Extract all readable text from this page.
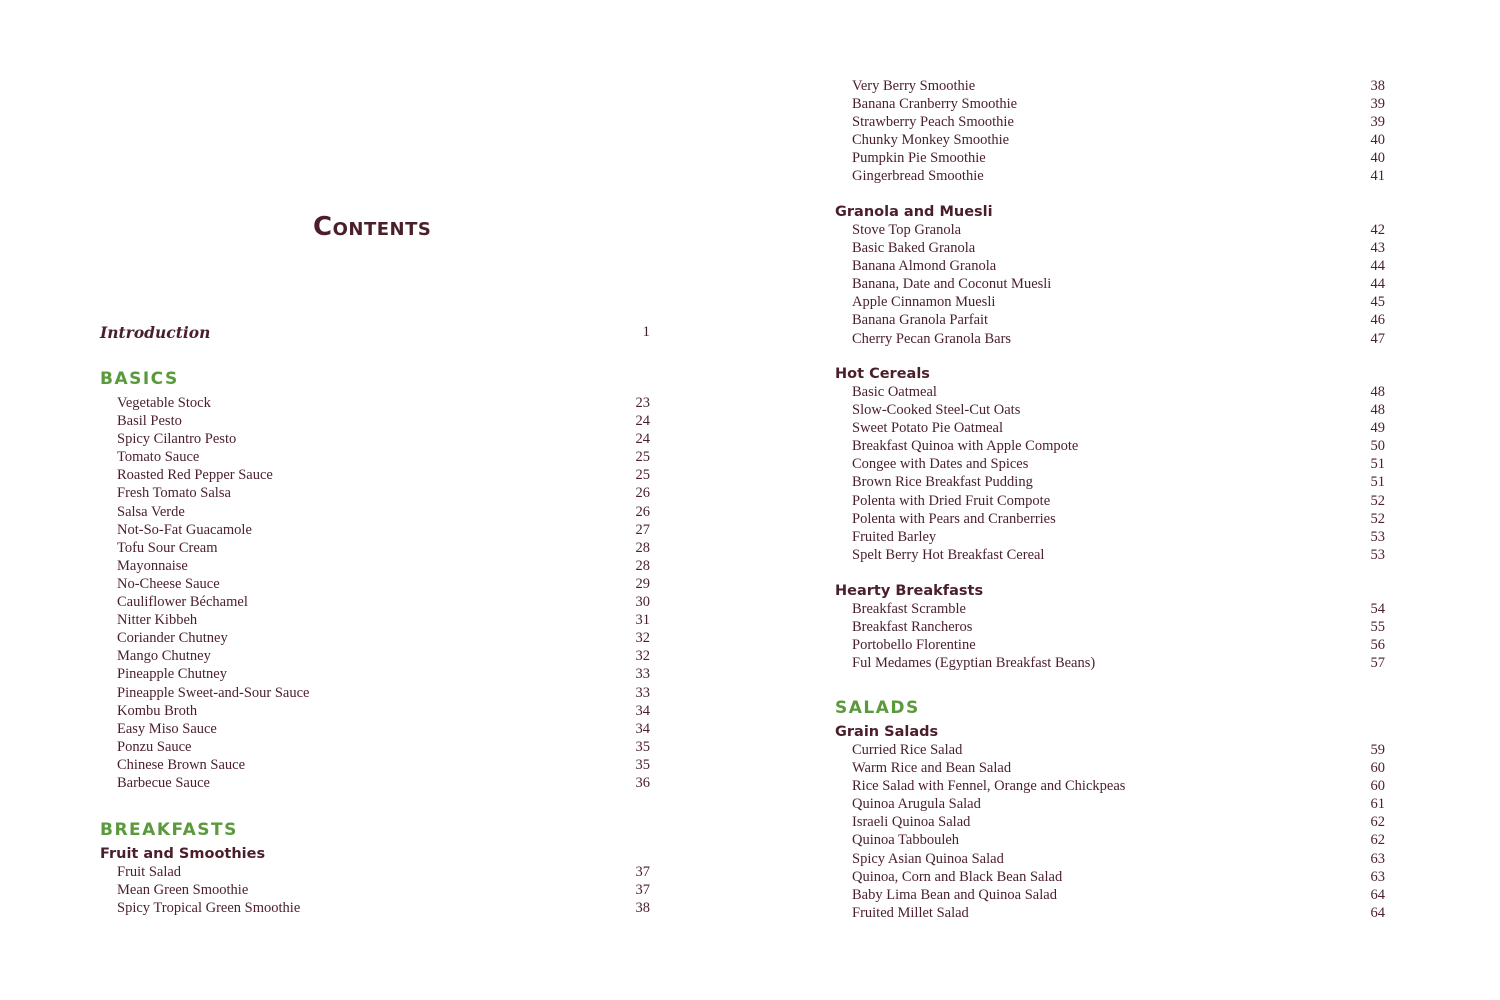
Contents
Introduction	1
BASICS
Vegetable Stock	23
Basil Pesto	24
Spicy Cilantro Pesto	24
Tomato Sauce	25
Roasted Red Pepper Sauce	25
Fresh Tomato Salsa	26
Salsa Verde	26
Not-So-Fat Guacamole	27
Tofu Sour Cream	28
Mayonnaise	28
No-Cheese Sauce	29
Cauliflower Béchamel	30
Nitter Kibbeh	31
Coriander Chutney	32
Mango Chutney	32
Pineapple Chutney	33
Pineapple Sweet-and-Sour Sauce	33
Kombu Broth	34
Easy Miso Sauce	34
Ponzu Sauce	35
Chinese Brown Sauce	35
Barbecue Sauce	36
BREAKFASTS
Fruit and Smoothies
Fruit Salad	37
Mean Green Smoothie	37
Spicy Tropical Green Smoothie	38
Very Berry Smoothie	38
Banana Cranberry Smoothie	39
Strawberry Peach Smoothie	39
Chunky Monkey Smoothie	40
Pumpkin Pie Smoothie	40
Gingerbread Smoothie	41
Granola and Muesli
Stove Top Granola	42
Basic Baked Granola	43
Banana Almond Granola	44
Banana, Date and Coconut Muesli	44
Apple Cinnamon Muesli	45
Banana Granola Parfait	46
Cherry Pecan Granola Bars	47
Hot Cereals
Basic Oatmeal	48
Slow-Cooked Steel-Cut Oats	48
Sweet Potato Pie Oatmeal	49
Breakfast Quinoa with Apple Compote	50
Congee with Dates and Spices	51
Brown Rice Breakfast Pudding	51
Polenta with Dried Fruit Compote	52
Polenta with Pears and Cranberries	52
Fruited Barley	53
Spelt Berry Hot Breakfast Cereal	53
Hearty Breakfasts
Breakfast Scramble	54
Breakfast Rancheros	55
Portobello Florentine	56
Ful Medames (Egyptian Breakfast Beans)	57
SALADS
Grain Salads
Curried Rice Salad	59
Warm Rice and Bean Salad	60
Rice Salad with Fennel, Orange and Chickpeas	60
Quinoa Arugula Salad	61
Israeli Quinoa Salad	62
Quinoa Tabbouleh	62
Spicy Asian Quinoa Salad	63
Quinoa, Corn and Black Bean Salad	63
Baby Lima Bean and Quinoa Salad	64
Fruited Millet Salad	64
